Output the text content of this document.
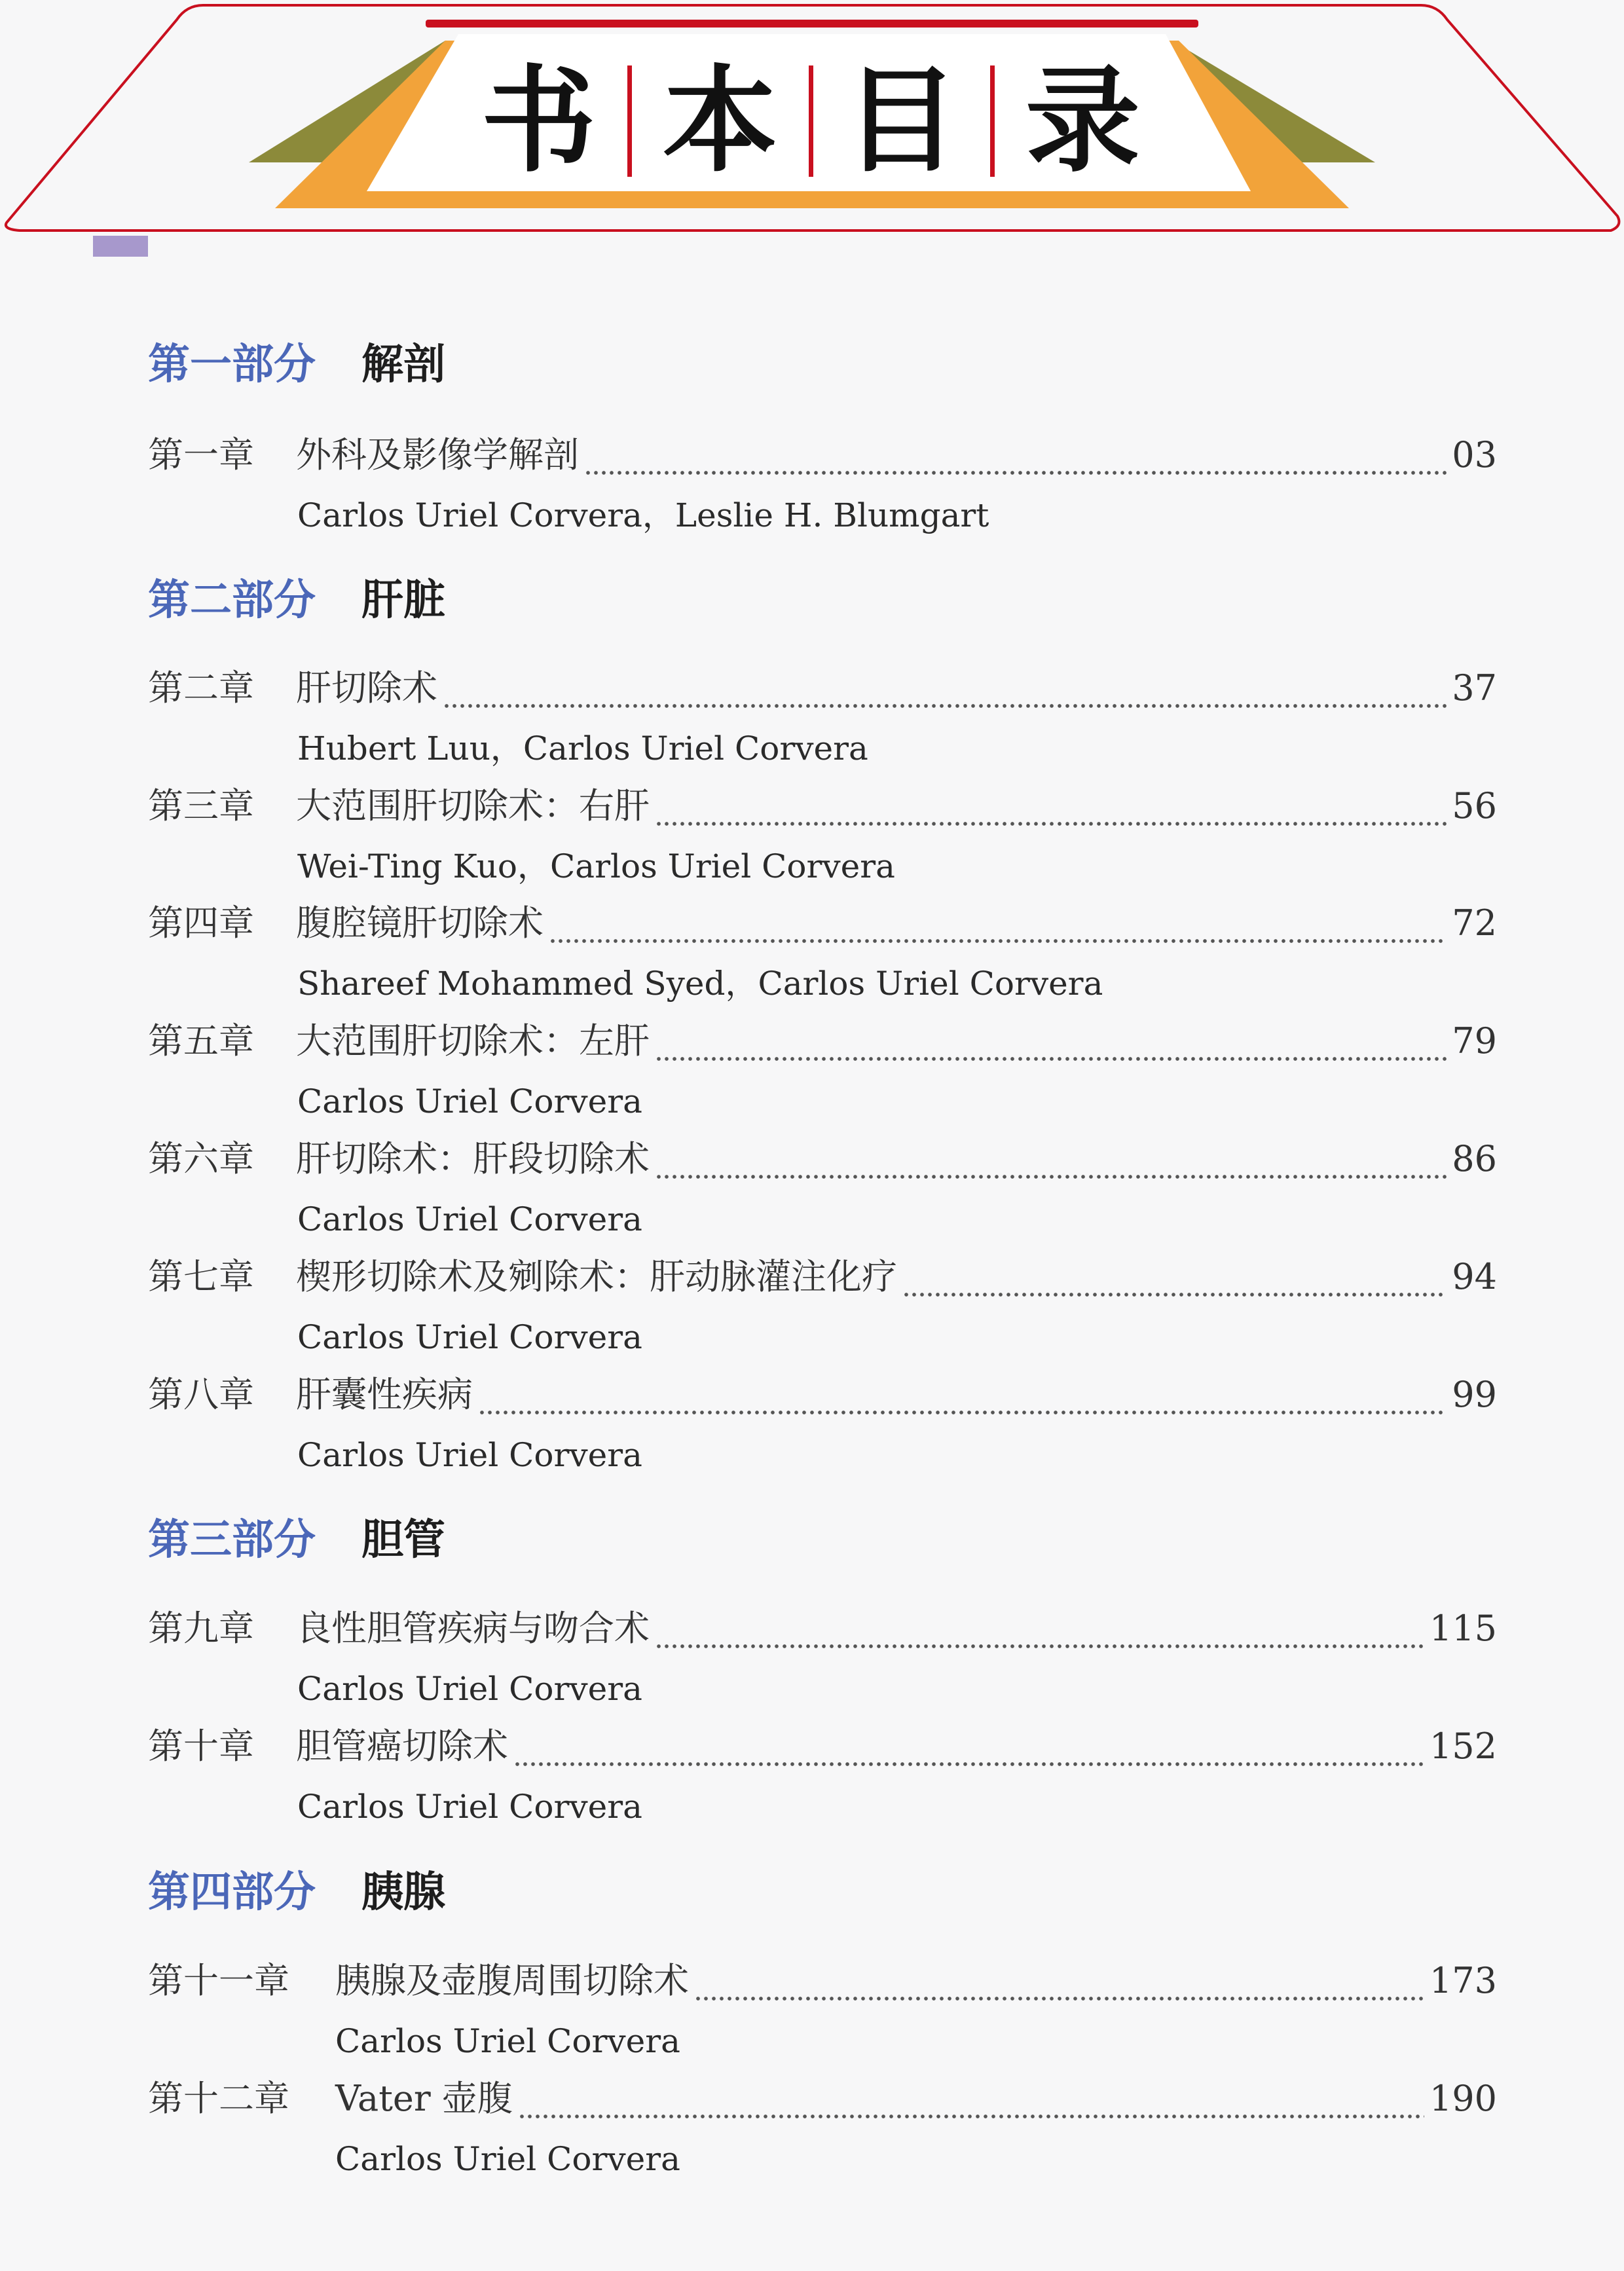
书 本 目 录
第一部分 解剖
第一章	外科及影像学解剖	03
Carlos Uriel Corvera，Leslie H. Blumgart
第二部分 肝脏
第二章	肝切除术	37
Hubert Luu，Carlos Uriel Corvera
第三章	大范围肝切除术：右肝	56
Wei-Ting Kuo，Carlos Uriel Corvera
第四章	腹腔镜肝切除术	72
Shareef Mohammed Syed，Carlos Uriel Corvera
第五章	大范围肝切除术：左肝	79
Carlos Uriel Corvera
第六章	肝切除术：肝段切除术	86
Carlos Uriel Corvera
第七章	楔形切除术及剜除术：肝动脉灌注化疗	94
Carlos Uriel Corvera
第八章	肝囊性疾病	99
Carlos Uriel Corvera
第三部分 胆管
第九章	良性胆管疾病与吻合术	115
Carlos Uriel Corvera
第十章	胆管癌切除术	152
Carlos Uriel Corvera
第四部分 胰腺
第十一章	胰腺及壶腹周围切除术	173
Carlos Uriel Corvera
第十二章	Vater 壶腹	190
Carlos Uriel Corvera
